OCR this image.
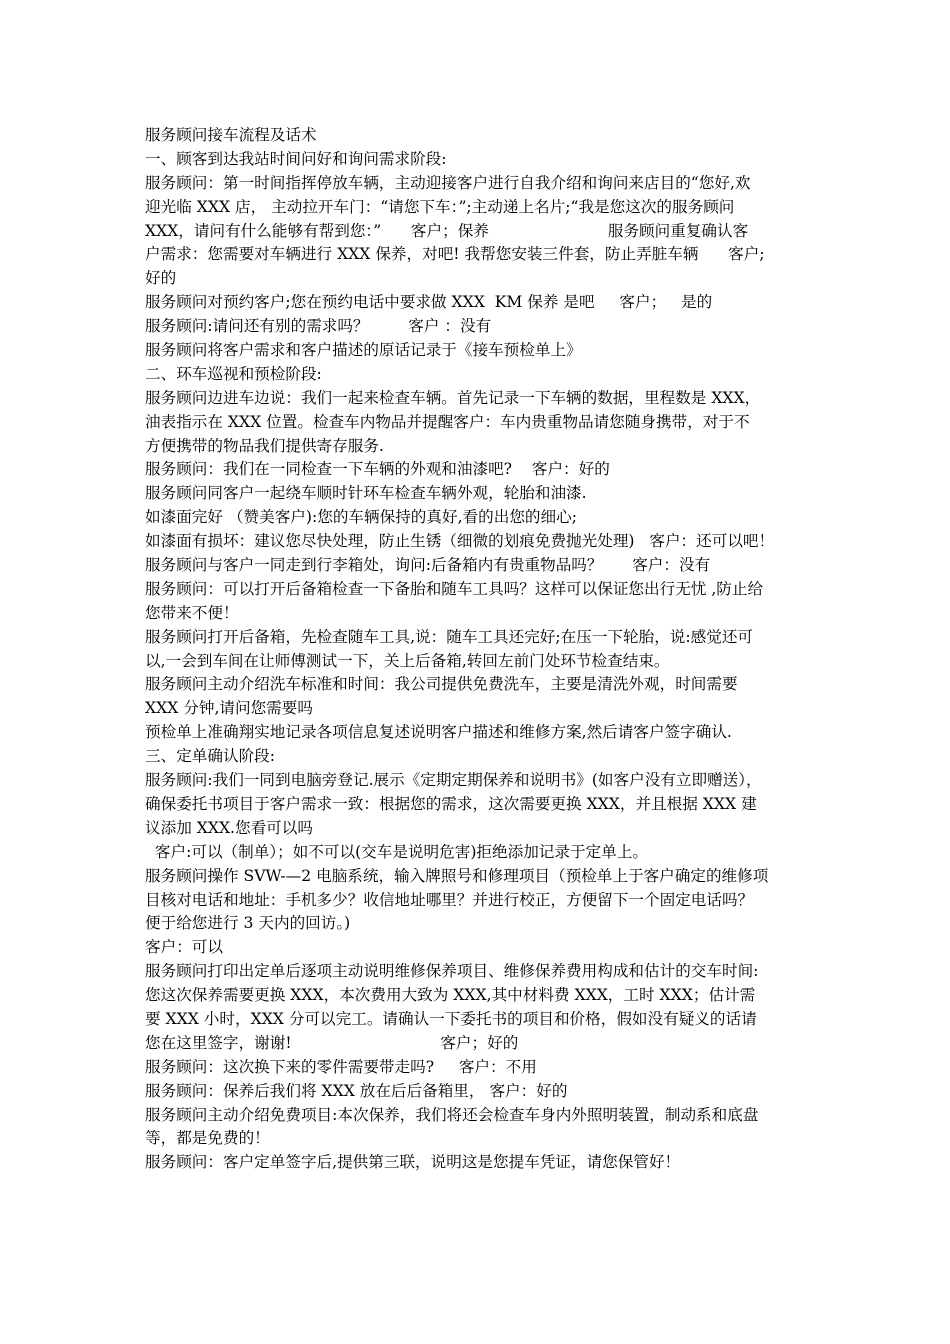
服务顾问接车流程及话术
一、顾客到达我站时间问好和询问需求阶段:
服务顾问：第一时间指挥停放车辆，主动迎接客户进行自我介绍和询问来店目的“您好,欢
迎光临 XXX 店， 主动拉开车门：“请您下车：”;主动递上名片;“我是您这次的服务顾问
XXX，请问有什么能够有帮到您：”      客户；保养                        服务顾问重复确认客
户需求：您需要对车辆进行 XXX 保养，对吧! 我帮您安装三件套，防止弄脏车辆      客户;
好的
服务顾问对预约客户;您在预约电话中要求做 XXX  KM 保养 是吧     客户；   是的
服务顾问:请问还有别的需求吗？        客户 ：没有
服务顾问将客户需求和客户描述的原话记录于《接车预检单上》
二、环车巡视和预检阶段:
服务顾问边进车边说：我们一起来检查车辆。首先记录一下车辆的数据，里程数是 XXX，
油表指示在 XXX 位置。检查车内物品并提醒客户：车内贵重物品请您随身携带，对于不
方便携带的物品我们提供寄存服务.
服务顾问：我们在一同检查一下车辆的外观和油漆吧?    客户：好的
服务顾问同客户一起绕车顺时针环车检查车辆外观，轮胎和油漆.
如漆面完好 （赞美客户):您的车辆保持的真好,看的出您的细心;
如漆面有损坏：建议您尽快处理，防止生锈（细微的划痕免费抛光处理)   客户：还可以吧！
服务顾问与客户一同走到行李箱处，询问:后备箱内有贵重物品吗？      客户：没有
服务顾问：可以打开后备箱检查一下备胎和随车工具吗？这样可以保证您出行无忧 ,防止给
您带来不便！
服务顾问打开后备箱，先检查随车工具,说：随车工具还完好;在压一下轮胎，说:感觉还可
以,一会到车间在让师傅测试一下，关上后备箱,转回左前门处环节检查结束。
服务顾问主动介绍洗车标准和时间：我公司提供免费洗车，主要是清洗外观，时间需要
XXX 分钟,请问您需要吗
预检单上准确翔实地记录各项信息复述说明客户描述和维修方案,然后请客户签字确认.
三、定单确认阶段:
服务顾问:我们一同到电脑旁登记.展示《定期定期保养和说明书》(如客户没有立即赠送），
确保委托书项目于客户需求一致：根据您的需求，这次需要更换 XXX，并且根据 XXX 建
议添加 XXX.您看可以吗
客户:可以（制单）；如不可以(交车是说明危害)拒绝添加记录于定单上。
服务顾问操作 SVW-—2 电脑系统，输入牌照号和修理项目（预检单上于客户确定的维修项
目核对电话和地址：手机多少？收信地址哪里？并进行校正，方便留下一个固定电话吗？
便于给您进行 3 天内的回访。)
客户：可以
服务顾问打印出定单后逐项主动说明维修保养项目、维修保养费用构成和估计的交车时间:
您这次保养需要更换 XXX，本次费用大致为 XXX,其中材料费 XXX，工时 XXX；估计需
要 XXX 小时，XXX 分可以完工。请确认一下委托书的项目和价格，假如没有疑义的话请
您在这里签字，谢谢!                              客户；好的
服务顾问：这次换下来的零件需要带走吗?     客户：不用
服务顾问：保养后我们将 XXX 放在后后备箱里， 客户：好的
服务顾问主动介绍免费项目:本次保养，我们将还会检查车身内外照明装置，制动系和底盘
等，都是免费的！
服务顾问：客户定单签字后,提供第三联，说明这是您提车凭证，请您保管好！
